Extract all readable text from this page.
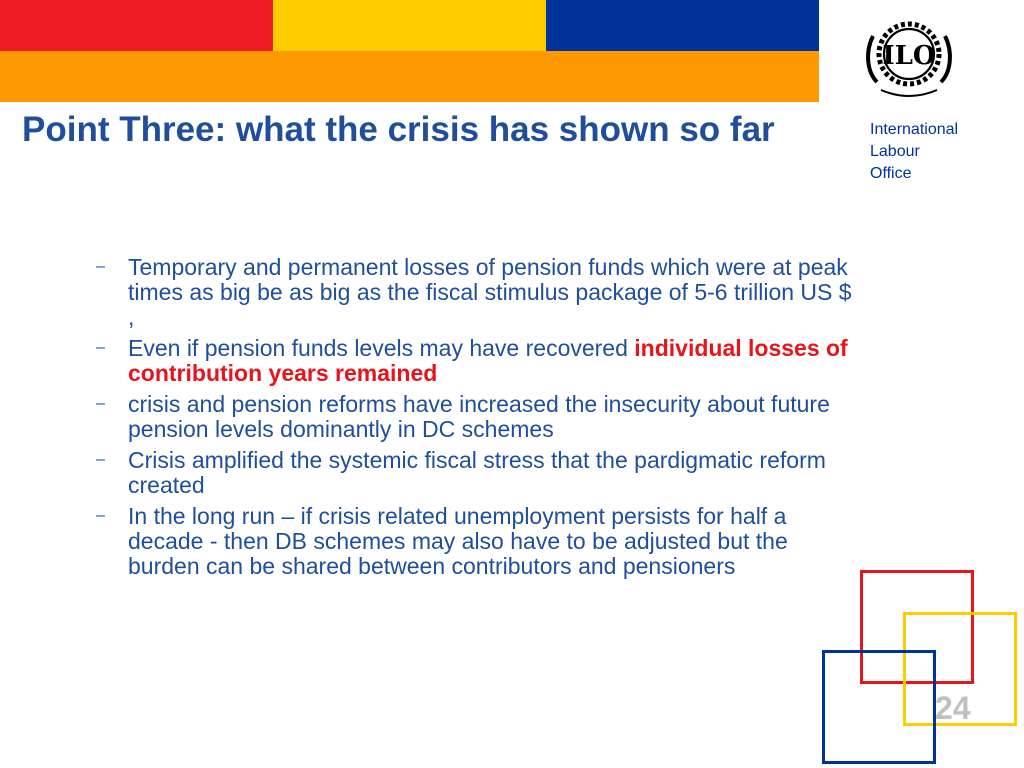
ILO
International
Labour
Office
Point Three: what the crisis has shown so far
– Temporary and permanent losses of pension funds which were at peak times as big be as big as the fiscal stimulus package of 5-6 trillion US $ ,
– Even if pension funds levels may have recovered individual losses of contribution years remained
– crisis and pension reforms have increased the insecurity about future pension levels dominantly in DC schemes
– Crisis amplified the systemic fiscal stress that the pardigmatic reform created
– In the long run – if crisis related unemployment persists for half a decade - then DB schemes may also have to be adjusted but the burden can be shared between contributors and pensioners
24
